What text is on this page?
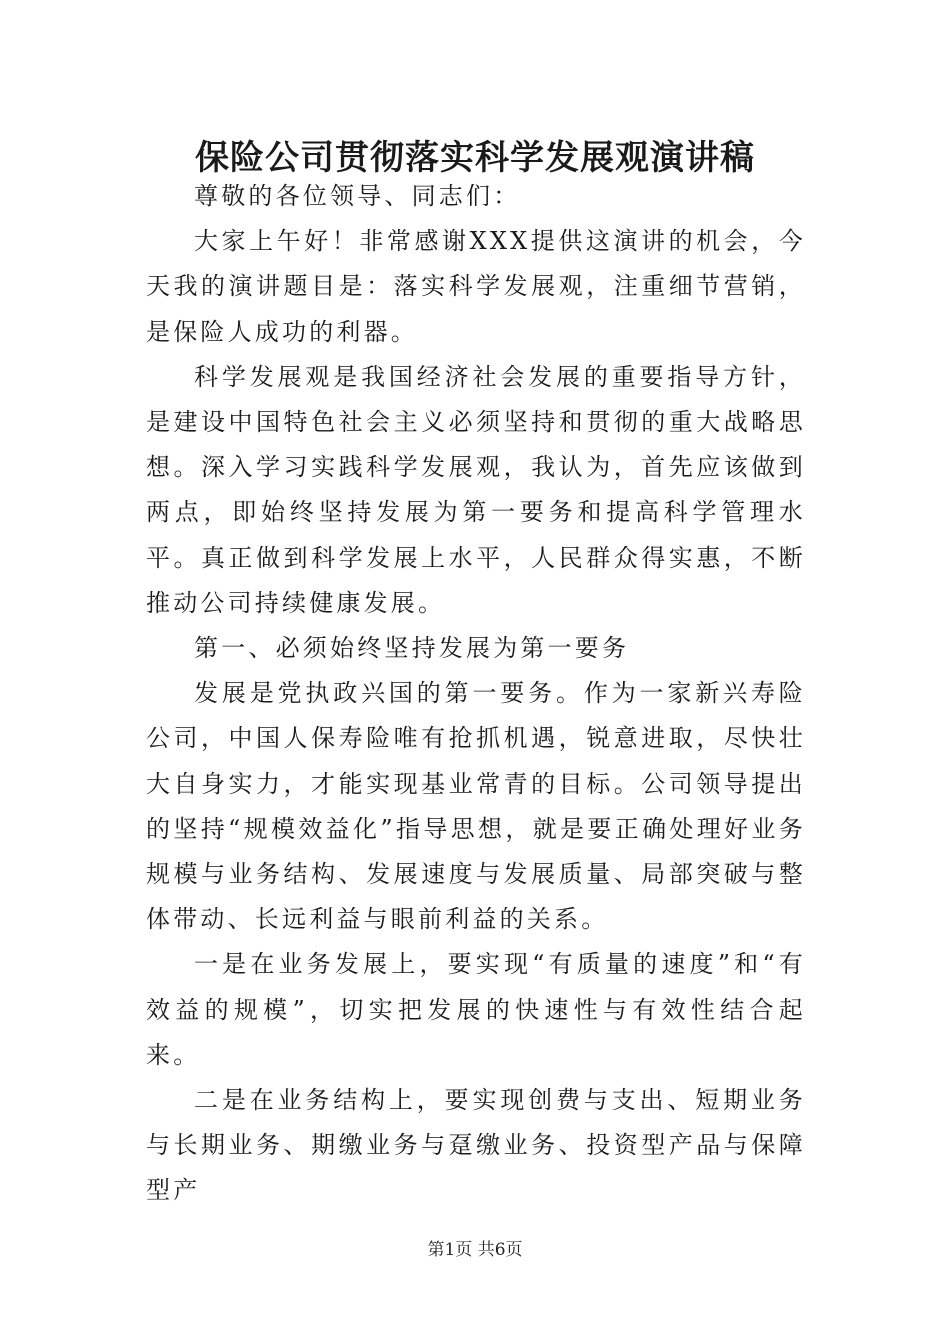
保险公司贯彻落实科学发展观演讲稿

尊敬的各位领导、同志们：

大家上午好！非常感谢XXX提供这演讲的机会，今天我的演讲题目是：落实科学发展观，注重细节营销，是保险人成功的利器。

科学发展观是我国经济社会发展的重要指导方针，是建设中国特色社会主义必须坚持和贯彻的重大战略思想。深入学习实践科学发展观，我认为，首先应该做到两点，即始终坚持发展为第一要务和提高科学管理水平。真正做到科学发展上水平，人民群众得实惠，不断推动公司持续健康发展。

第一、必须始终坚持发展为第一要务

发展是党执政兴国的第一要务。作为一家新兴寿险公司，中国人保寿险唯有抢抓机遇，锐意进取，尽快壮大自身实力，才能实现基业常青的目标。公司领导提出的坚持“规模效益化”指导思想，就是要正确处理好业务规模与业务结构、发展速度与发展质量、局部突破与整体带动、长远利益与眼前利益的关系。

一是在业务发展上，要实现“有质量的速度”和“有效益的规模”，切实把发展的快速性与有效性结合起来。

二是在业务结构上，要实现创费与支出、短期业务与长期业务、期缴业务与趸缴业务、投资型产品与保障型产

第1页 共6页
